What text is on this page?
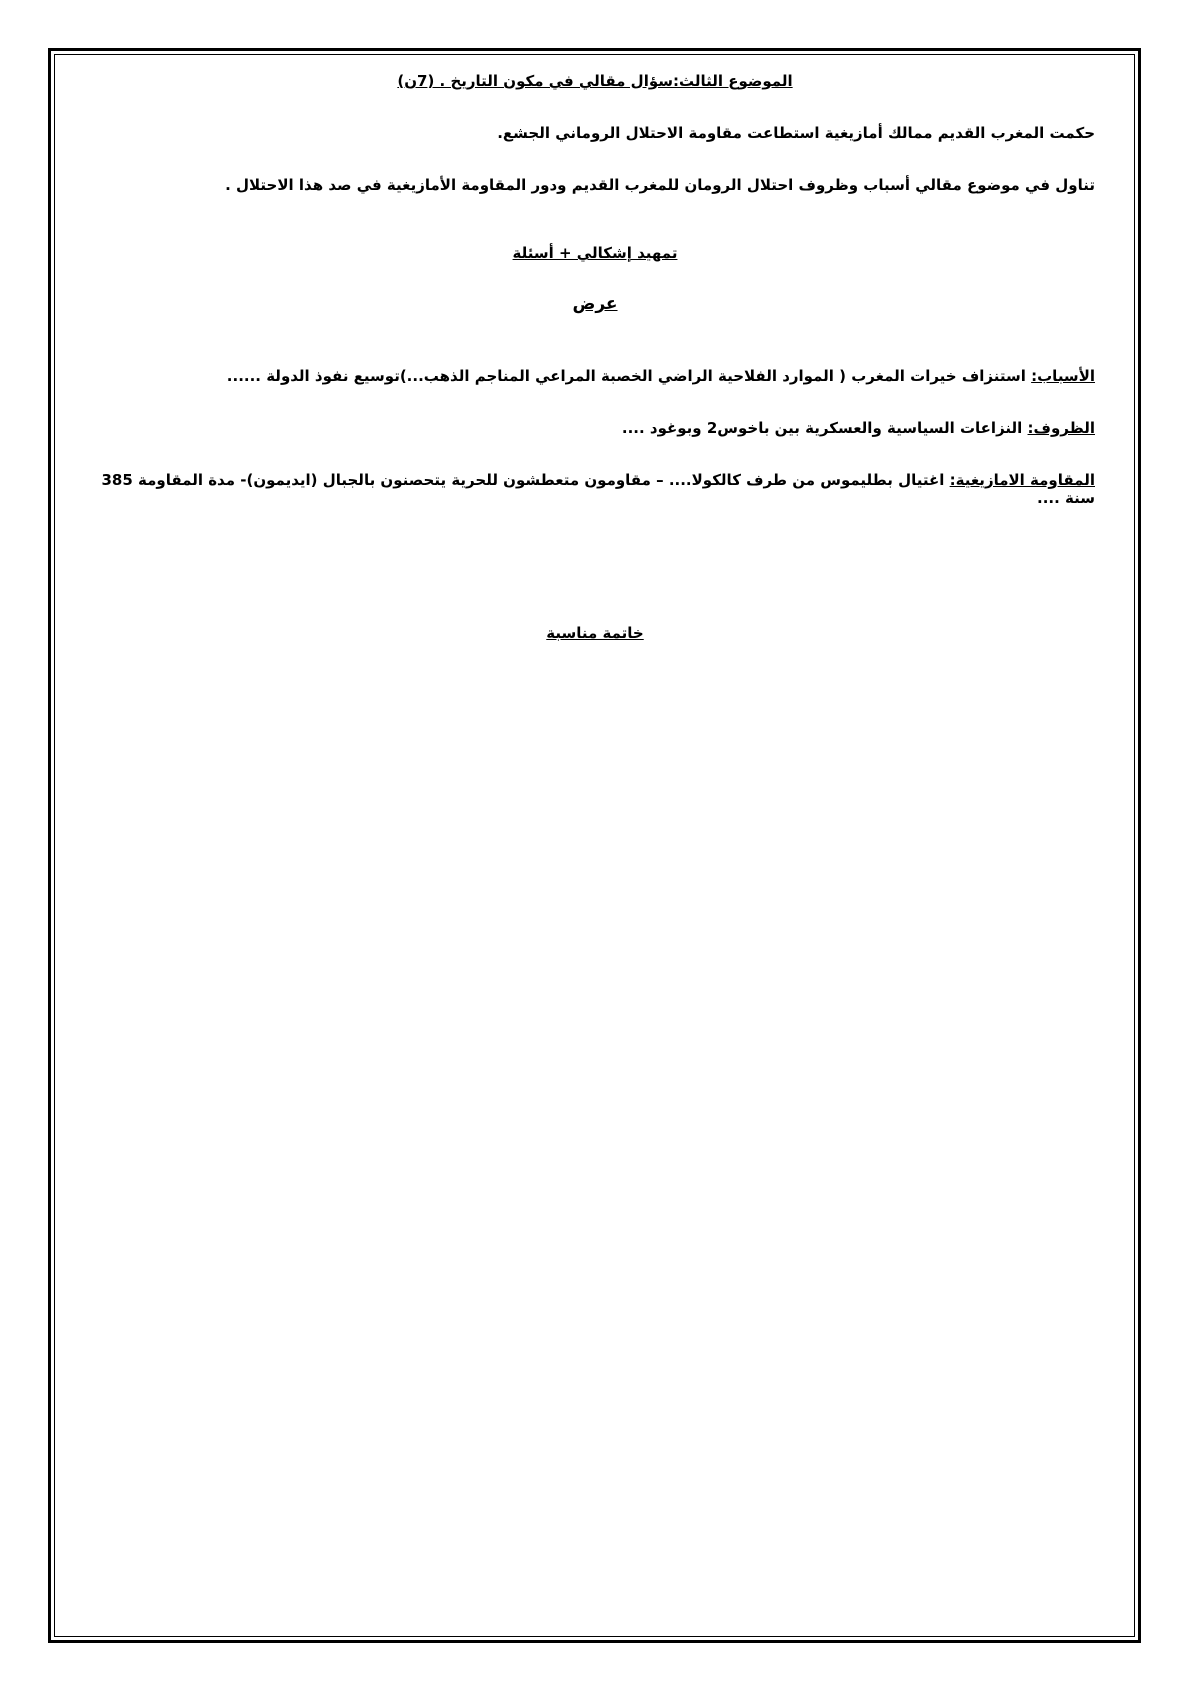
الموضوع الثالث:سؤال مقالي في مكون التاريخ . (7ن)
حكمت المغرب القديم ممالك أمازيغية استطاعت مقاومة الاحتلال الروماني الجشع.
تناول في موضوع مقالي أسباب وظروف احتلال الرومان للمغرب القديم ودور المقاومة الأمازيغية في صد هذا الاحتلال .
تمهيد إشكالي + أسئلة
عرض
الأسباب: استنزاف خيرات المغرب ( الموارد الفلاحية الراضي الخصبة المراعي المناجم الذهب...)توسيع نفوذ الدولة ......
الظروف: النزاعات السياسية والعسكرية بين باخوس2 وبوغود ....
المقاومة الامازيغية: اغتيال بطليموس من طرف كالكولا.... – مقاومون متعطشون للحرية يتحصنون بالجبال (ايديمون)- مدة المقاومة 385 سنة ....
خاتمة مناسبة
